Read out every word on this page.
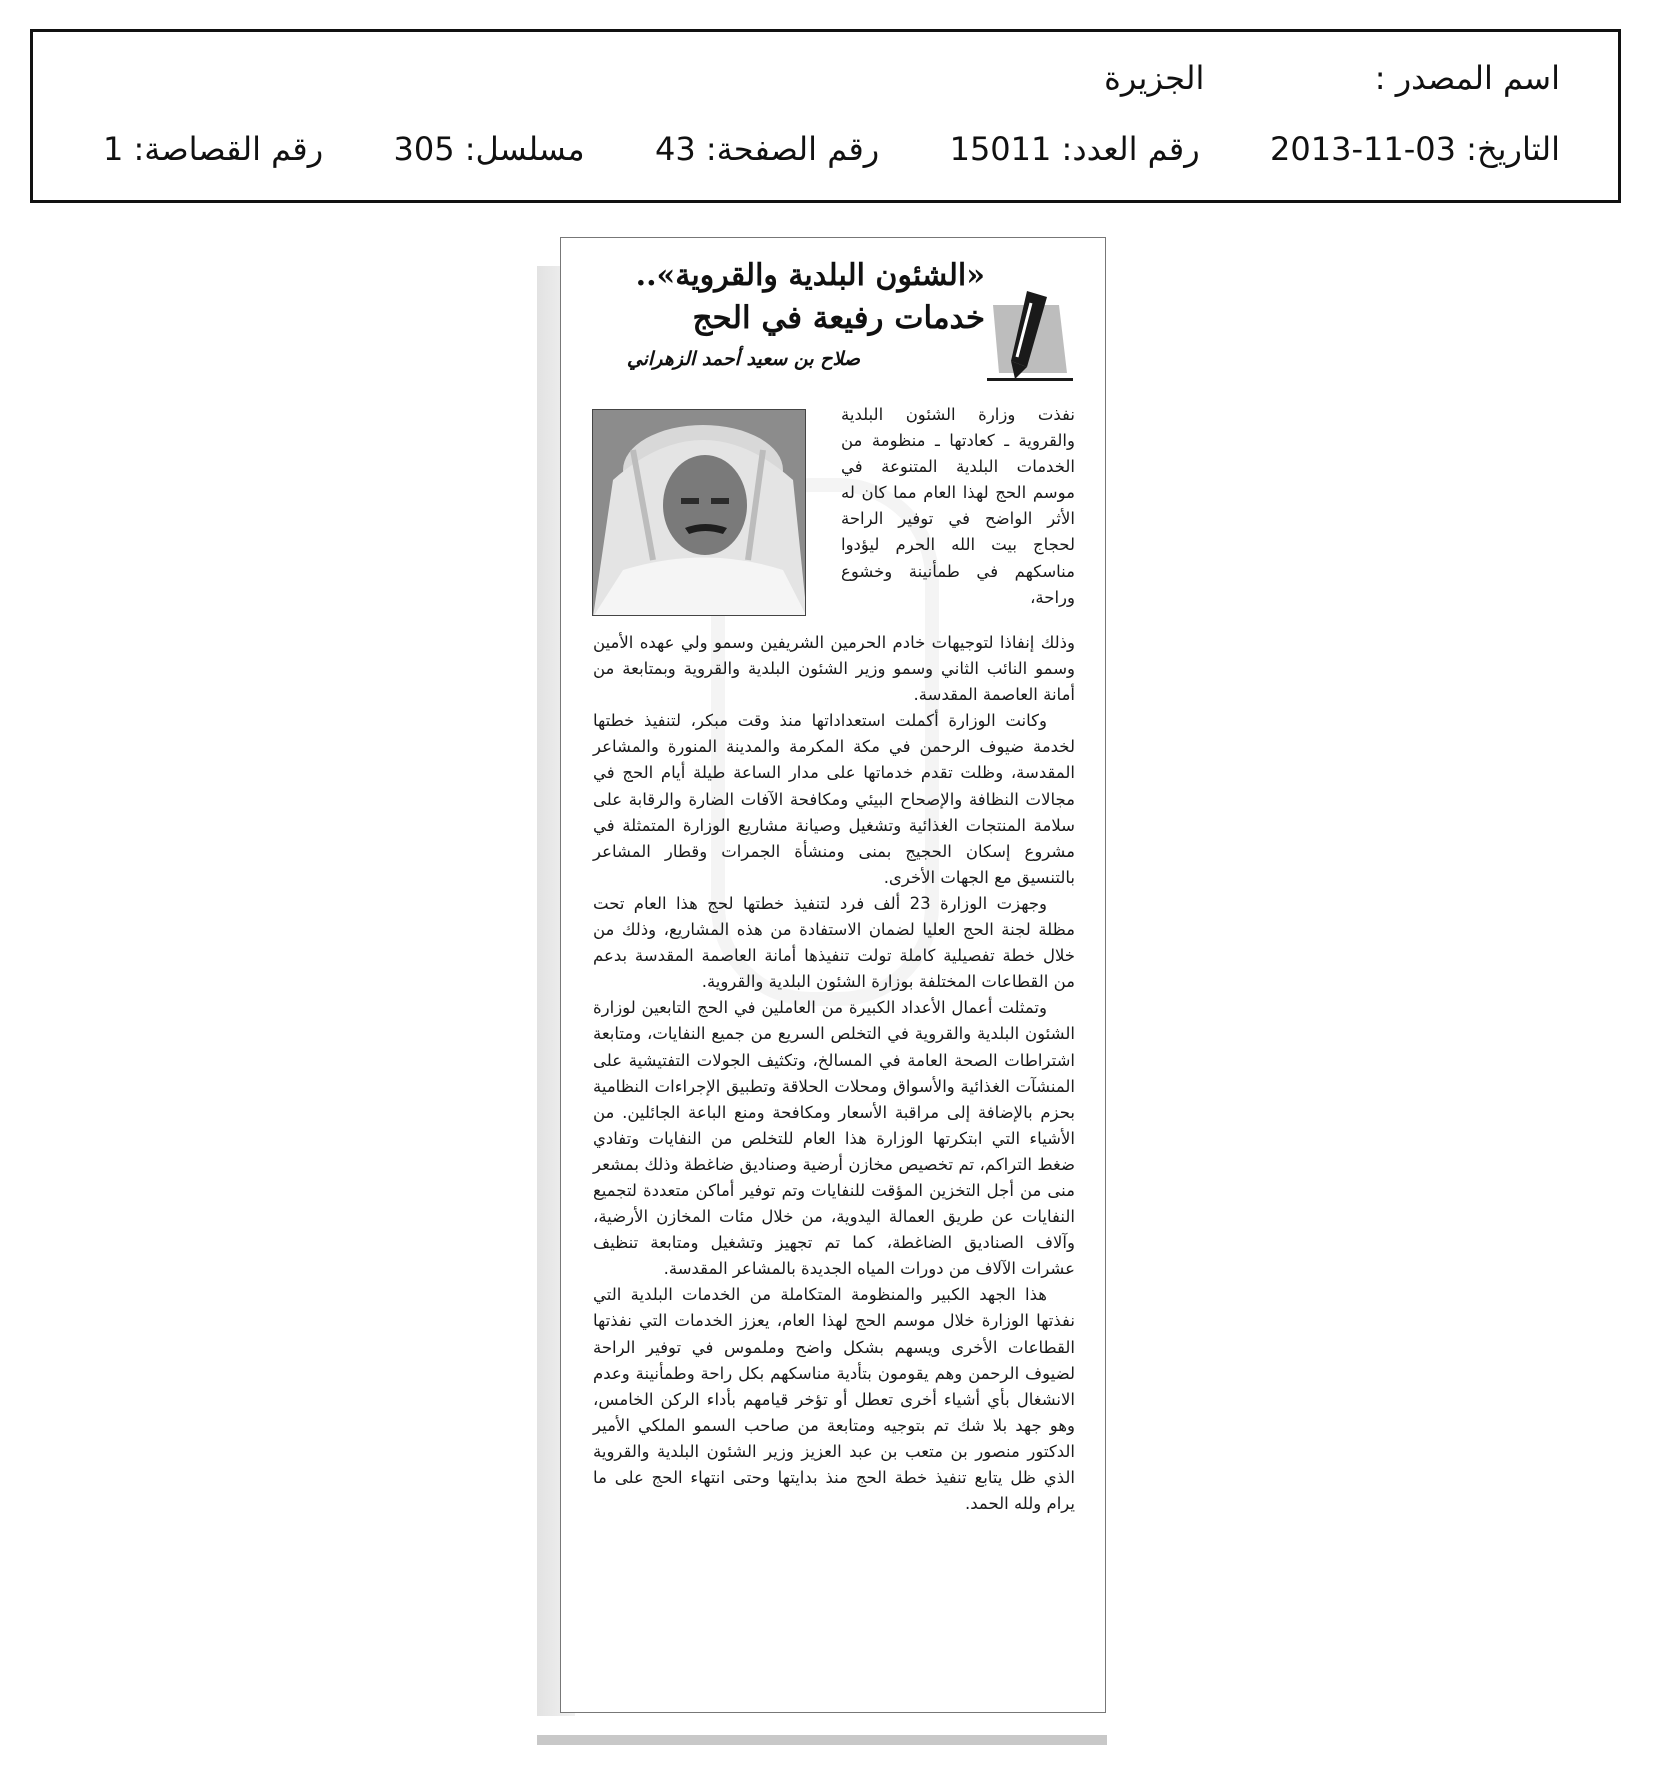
اسم المصدر :  الجزيرة
التاريخ: 2013-11-03  رقم العدد: 15011  رقم الصفحة: 43  مسلسل: 305  رقم القصاصة: 1
«الشئون البلدية والقروية»..
خدمات رفيعة في الحج
صلاح بن سعيد أحمد الزهراني
نفذت وزارة الشئون البلدية والقروية ـ كعادتها ـ منظومة من الخدمات البلدية المتنوعة في موسم الحج لهذا العام مما كان له الأثر الواضح في توفير الراحة لحجاج بيت الله الحرم ليؤدوا مناسكهم في طمأنينة وخشوع وراحة،

وذلك إنفاذا لتوجيهات خادم الحرمين الشريفين وسمو ولي عهده الأمين وسمو النائب الثاني وسمو وزير الشئون البلدية والقروية وبمتابعة من أمانة العاصمة المقدسة.

وكانت الوزارة أكملت استعداداتها منذ وقت مبكر، لتنفيذ خطتها لخدمة ضيوف الرحمن في مكة المكرمة والمدينة المنورة والمشاعر المقدسة، وظلت تقدم خدماتها على مدار الساعة طيلة أيام الحج في مجالات النظافة والإصحاح البيئي ومكافحة الآفات الضارة والرقابة على سلامة المنتجات الغذائية وتشغيل وصيانة مشاريع الوزارة المتمثلة في مشروع إسكان الحجيج بمنى ومنشأة الجمرات وقطار المشاعر بالتنسيق مع الجهات الأخرى.

وجهزت الوزارة 23 ألف فرد لتنفيذ خطتها لحج هذا العام تحت مظلة لجنة الحج العليا لضمان الاستفادة من هذه المشاريع، وذلك من خلال خطة تفصيلية كاملة تولت تنفيذها أمانة العاصمة المقدسة بدعم من القطاعات المختلفة بوزارة الشئون البلدية والقروية.

وتمثلت أعمال الأعداد الكبيرة من العاملين في الحج التابعين لوزارة الشئون البلدية والقروية في التخلص السريع من جميع النفايات، ومتابعة اشتراطات الصحة العامة في المسالخ، وتكثيف الجولات التفتيشية على المنشآت الغذائية والأسواق ومحلات الحلاقة وتطبيق الإجراءات النظامية بحزم بالإضافة إلى مراقبة الأسعار ومكافحة ومنع الباعة الجائلين. من الأشياء التي ابتكرتها الوزارة هذا العام للتخلص من النفايات وتفادي ضغط التراكم، تم تخصيص مخازن أرضية وصناديق ضاغطة وذلك بمشعر منى من أجل التخزين المؤقت للنفايات وتم توفير أماكن متعددة لتجميع النفايات عن طريق العمالة اليدوية، من خلال مئات المخازن الأرضية، وآلاف الصناديق الضاغطة، كما تم تجهيز وتشغيل ومتابعة تنظيف عشرات الآلاف من دورات المياه الجديدة بالمشاعر المقدسة.

هذا الجهد الكبير والمنظومة المتكاملة من الخدمات البلدية التي نفذتها الوزارة خلال موسم الحج لهذا العام، يعزز الخدمات التي نفذتها القطاعات الأخرى ويسهم بشكل واضح وملموس في توفير الراحة لضيوف الرحمن وهم يقومون بتأدية مناسكهم بكل راحة وطمأنينة وعدم الانشغال بأي أشياء أخرى تعطل أو تؤخر قيامهم بأداء الركن الخامس، وهو جهد بلا شك تم بتوجيه ومتابعة من صاحب السمو الملكي الأمير الدكتور منصور بن متعب بن عبد العزيز وزير الشئون البلدية والقروية الذي ظل يتابع تنفيذ خطة الحج منذ بدايتها وحتى انتهاء الحج على ما يرام ولله الحمد.
